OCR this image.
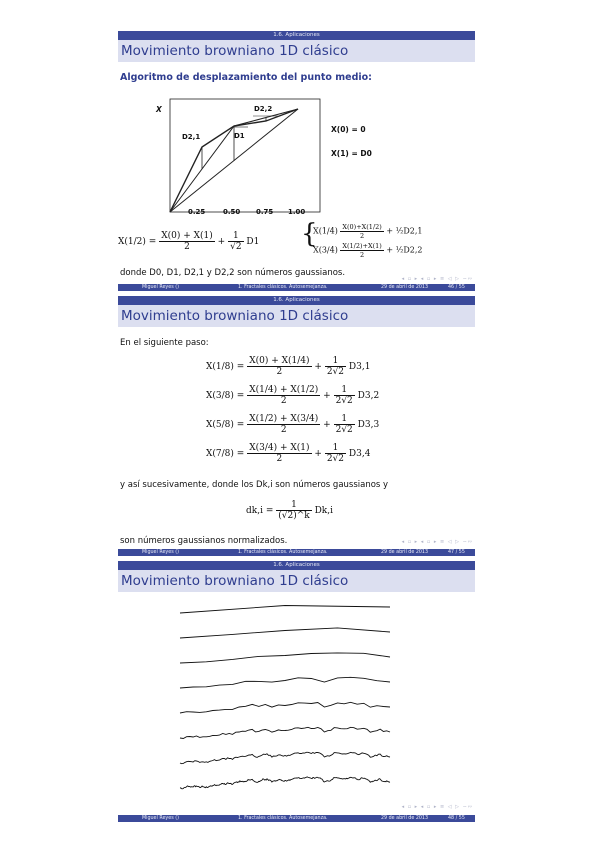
1.6. Aplicaciones
Movimiento browniano 1D clásico
Algoritmo de desplazamiento del punto medio:
X
D2,1
D2,2
D1
X(0) = 0
X(1) = D0
0.25	0.50 0.75 1.00
$X(1/2) = \frac{X(0) + X(1)}{2} + \frac{1}{√2} D1$ {
$X(1/4) \frac{X(0)+X(1/2)}{2}$ + ½D2,1
$X(3/4) \frac{X(1/2)+X(1)}{2}$ + ½D2,2
donde D0, D1, D2,1 y D2,2 son números gaussianos.
◂ ▫ ▸ ◂ ▫ ▸ ≡ ◁ ▷ ∽∾
Miguel Reyes ()	1. Fractales clásicos. Autosemejanza.	29 de abril de 2013	46 / 55
1.6. Aplicaciones
Movimiento browniano 1D clásico
En el siguiente paso:
$X(1/8) = \frac{X(0) + X(1/4)}{2} + \frac{1}{2√2} D3,1$
$X(3/8) = \frac{X(1/4) + X(1/2)}{2} + \frac{1}{2√2} D3,2$
$X(5/8) = \frac{X(1/2) + X(3/4)}{2} + \frac{1}{2√2} D3,3$
$X(7/8) = \frac{X(3/4) + X(1)}{2} + \frac{1}{2√2} D3,4$
y así sucesivamente, donde los Dk,i son números gaussianos y
$dk,i = \frac{1}{(√2)\^{}k} Dk,i$
son números gaussianos normalizados.	◂ ▫ ▸ ◂ ▫ ▸ ≡ ◁ ▷ ∽∾
Miguel Reyes ()	1. Fractales clásicos. Autosemejanza.	29 de abril de 2013	47 / 55
1.6. Aplicaciones
Movimiento browniano 1D clásico
◂ ▫ ▸ ◂ ▫ ▸ ≡ ◁ ▷ ∽∾
Miguel Reyes ()	1. Fractales clásicos. Autosemejanza.	29 de abril de 2013	48 / 55
